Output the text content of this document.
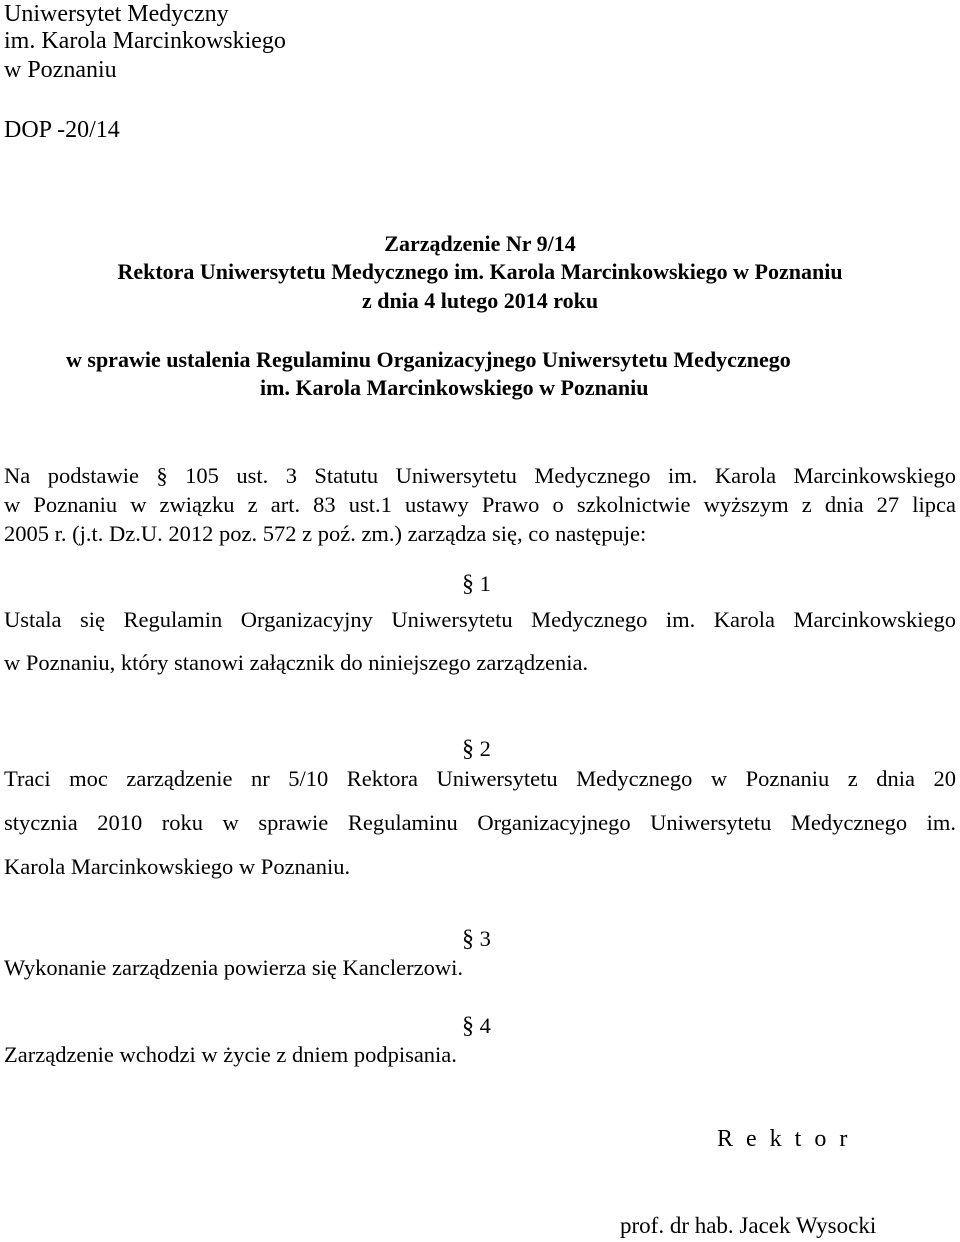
Uniwersytet Medyczny
im. Karola Marcinkowskiego
w Poznaniu
DOP -20/14
Zarządzenie Nr 9/14
Rektora Uniwersytetu Medycznego im. Karola Marcinkowskiego w Poznaniu
z dnia 4 lutego 2014 roku
w sprawie ustalenia Regulaminu Organizacyjnego Uniwersytetu Medycznego
im. Karola Marcinkowskiego w Poznaniu
Na podstawie § 105 ust. 3 Statutu Uniwersytetu Medycznego im. Karola Marcinkowskiego
w Poznaniu w związku z art. 83 ust.1 ustawy Prawo o szkolnictwie wyższym z dnia 27 lipca
2005 r. (j.t. Dz.U. 2012 poz. 572 z poź. zm.) zarządza się, co następuje:
§ 1
Ustala się Regulamin Organizacyjny Uniwersytetu Medycznego im. Karola Marcinkowskiego
w Poznaniu, który stanowi załącznik do niniejszego zarządzenia.
§ 2
Traci moc zarządzenie nr 5/10 Rektora Uniwersytetu Medycznego w Poznaniu z dnia 20
stycznia 2010 roku w sprawie Regulaminu Organizacyjnego Uniwersytetu Medycznego im.
Karola Marcinkowskiego w Poznaniu.
§ 3
Wykonanie zarządzenia powierza się Kanclerzowi.
§ 4
Zarządzenie wchodzi w życie z dniem podpisania.
R e k t o r
prof. dr hab. Jacek Wysocki
